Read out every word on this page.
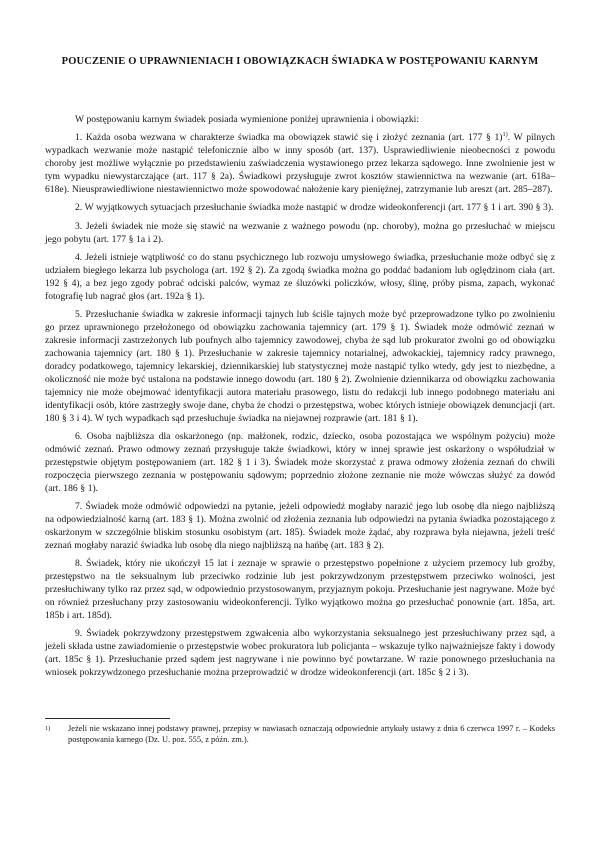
POUCZENIE O UPRAWNIENIACH I OBOWIĄZKACH ŚWIADKA W POSTĘPOWANIU KARNYM

W postępowaniu karnym świadek posiada wymienione poniżej uprawnienia i obowiązki:

1. Każda osoba wezwana w charakterze świadka ma obowiązek stawić się i złożyć zeznania (art. 177 § 1)$^{1)}$. W pilnych wypadkach wezwanie może nastąpić telefonicznie albo w inny sposób (art. 137). Usprawiedliwienie nieobecności z powodu choroby jest możliwe wyłącznie po przedstawieniu zaświadczenia wystawionego przez lekarza sądowego. Inne zwolnienie jest w tym wypadku niewystarczające (art. 117 § 2a). Świadkowi przysługuje zwrot kosztów stawiennictwa na wezwanie (art. 618a–618e). Nieusprawiedliwione niestawiennictwo może spowodować nałożenie kary pieniężnej, zatrzymanie lub areszt (art. 285–287).

2. W wyjątkowych sytuacjach przesłuchanie świadka może nastąpić w drodze wideokonferencji (art. 177 § 1 i art. 390 § 3).

3. Jeżeli świadek nie może się stawić na wezwanie z ważnego powodu (np. choroby), można go przesłuchać w miejscu jego pobytu (art. 177 § 1a i 2).

4. Jeżeli istnieje wątpliwość co do stanu psychicznego lub rozwoju umysłowego świadka, przesłuchanie może odbyć się z udziałem biegłego lekarza lub psychologa (art. 192 § 2). Za zgodą świadka można go poddać badaniom lub oględzinom ciała (art. 192 § 4), a bez jego zgody pobrać odciski palców, wymaz ze śluzówki policzków, włosy, ślinę, próby pisma, zapach, wykonać fotografię lub nagrać głos (art. 192a § 1).

5. Przesłuchanie świadka w zakresie informacji tajnych lub ściśle tajnych może być przeprowadzone tylko po zwolnieniu go przez uprawnionego przełożonego od obowiązku zachowania tajemnicy (art. 179 § 1). Świadek może odmówić zeznań w zakresie informacji zastrzeżonych lub poufnych albo tajemnicy zawodowej, chyba że sąd lub prokurator zwolni go od obowiązku zachowania tajemnicy (art. 180 § 1). Przesłuchanie w zakresie tajemnicy notarialnej, adwokackiej, tajemnicy radcy prawnego, doradcy podatkowego, tajemnicy lekarskiej, dziennikarskiej lub statystycznej może nastąpić tylko wtedy, gdy jest to niezbędne, a okoliczność nie może być ustalona na podstawie innego dowodu (art. 180 § 2). Zwolnienie dziennikarza od obowiązku zachowania tajemnicy nie może obejmować identyfikacji autora materiału prasowego, listu do redakcji lub innego podobnego materiału ani identyfikacji osób, które zastrzegły swoje dane, chyba że chodzi o przestępstwa, wobec których istnieje obowiązek denuncjacji (art. 180 § 3 i 4). W tych wypadkach sąd przesłuchuje świadka na niejawnej rozprawie (art. 181 § 1).

6. Osoba najbliższa dla oskarżonego (np. małżonek, rodzic, dziecko, osoba pozostająca we wspólnym pożyciu) może odmówić zeznań. Prawo odmowy zeznań przysługuje także świadkowi, który w innej sprawie jest oskarżony o współudział w przestępstwie objętym postępowaniem (art. 182 § 1 i 3). Świadek może skorzystać z prawa odmowy złożenia zeznań do chwili rozpoczęcia pierwszego zeznania w postępowaniu sądowym; poprzednio złożone zeznanie nie może wówczas służyć za dowód (art. 186 § 1).

7. Świadek może odmówić odpowiedzi na pytanie, jeżeli odpowiedź mogłaby narazić jego lub osobę dla niego najbliższą na odpowiedzialność karną (art. 183 § 1). Można zwolnić od złożenia zeznania lub odpowiedzi na pytania świadka pozostającego z oskarżonym w szczególnie bliskim stosunku osobistym (art. 185). Świadek może żądać, aby rozprawa była niejawna, jeżeli treść zeznań mogłaby narazić świadka lub osobę dla niego najbliższą na hańbę (art. 183 § 2).

8. Świadek, który nie ukończył 15 lat i zeznaje w sprawie o przestępstwo popełnione z użyciem przemocy lub groźby, przestępstwo na tle seksualnym lub przeciwko rodzinie lub jest pokrzywdzonym przestępstwem przeciwko wolności, jest przesłuchiwany tylko raz przez sąd, w odpowiednio przystosowanym, przyjaznym pokoju. Przesłuchanie jest nagrywane. Może być on również przesłuchany przy zastosowaniu wideokonferencji. Tylko wyjątkowo można go przesłuchać ponownie (art. 185a, art. 185b i art. 185d).

9. Świadek pokrzywdzony przestępstwem zgwałcenia albo wykorzystania seksualnego jest przesłuchiwany przez sąd, a jeżeli składa ustne zawiadomienie o przestępstwie wobec prokuratora lub policjanta – wskazuje tylko najważniejsze fakty i dowody (art. 185c § 1). Przesłuchanie przed sądem jest nagrywane i nie powinno być powtarzane. W razie ponownego przesłuchania na wniosek pokrzywdzonego przesłuchanie można przeprowadzić w drodze wideokonferencji (art. 185c § 2 i 3).

1)	Jeżeli nie wskazano innej podstawy prawnej, przepisy w nawiasach oznaczają odpowiednie artykuły ustawy z dnia 6 czerwca 1997 r. – Kodeks postępowania karnego (Dz. U. poz. 555, z późn. zm.).
